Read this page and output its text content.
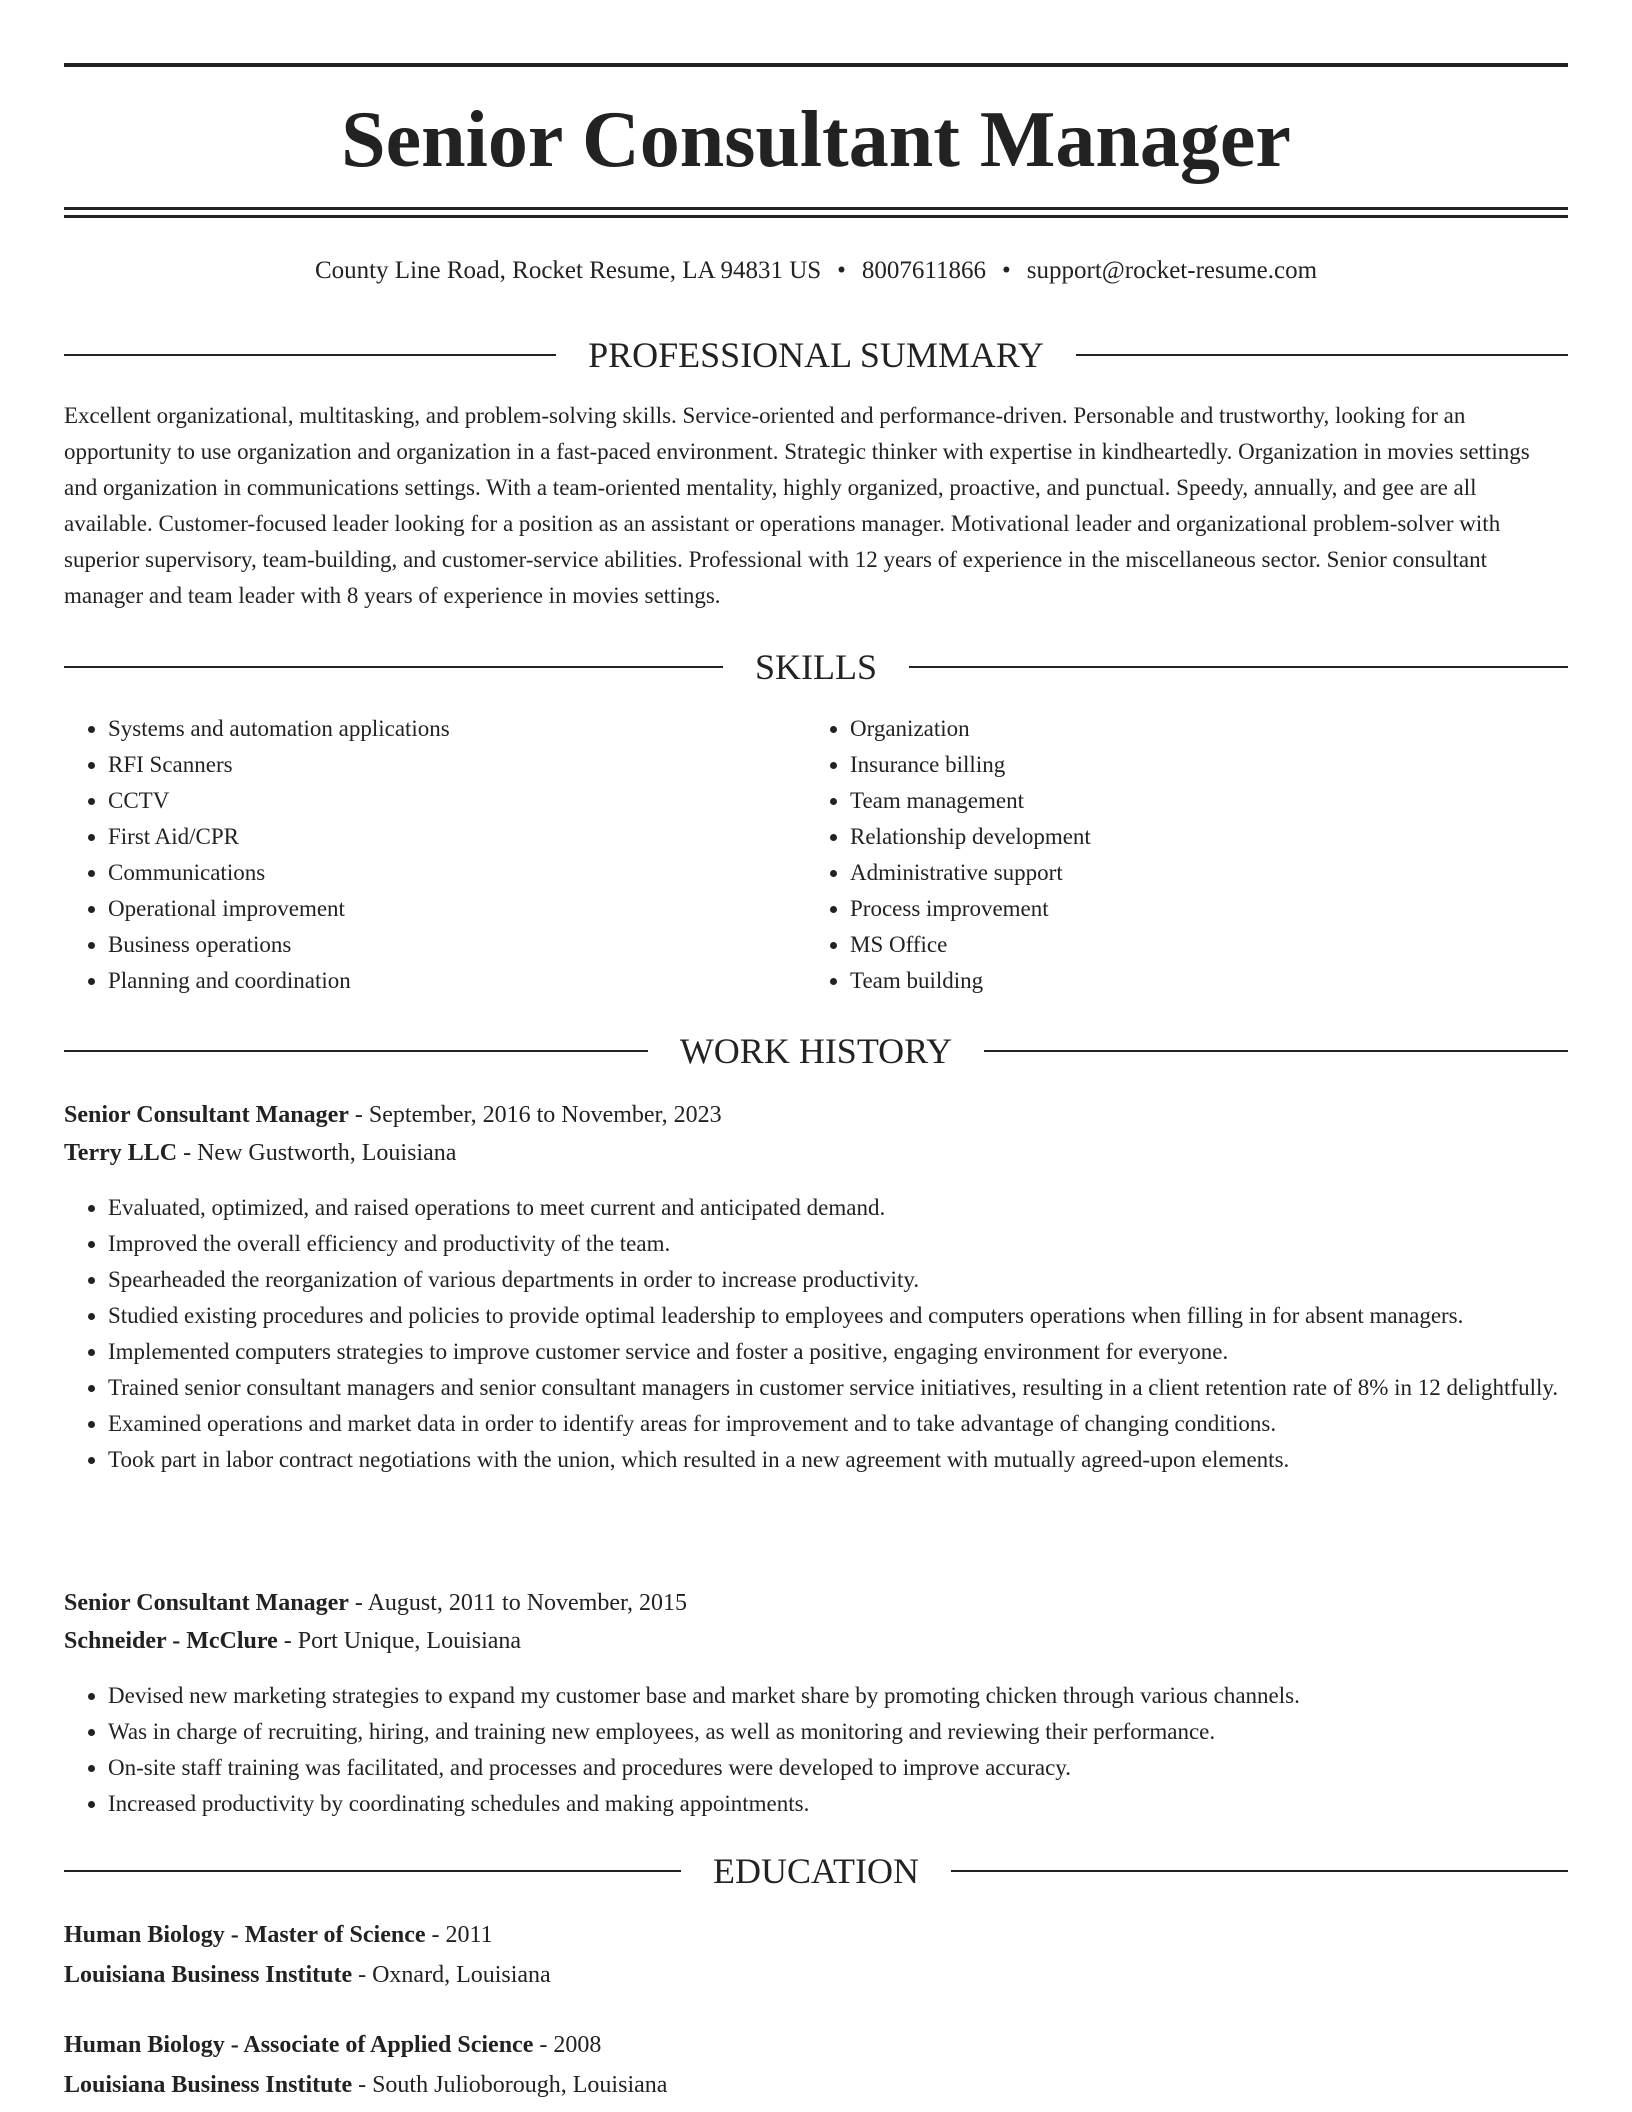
Senior Consultant Manager
County Line Road, Rocket Resume, LA 94831 US • 8007611866 • support@rocket-resume.com
PROFESSIONAL SUMMARY

Excellent organizational, multitasking, and problem-solving skills. Service-oriented and performance-driven. Personable and trustworthy, looking for an opportunity to use organization and organization in a fast-paced environment. Strategic thinker with expertise in kindheartedly. Organization in movies settings and organization in communications settings. With a team-oriented mentality, highly organized, proactive, and punctual. Speedy, annually, and gee are all available. Customer-focused leader looking for a position as an assistant or operations manager. Motivational leader and organizational problem-solver with superior supervisory, team-building, and customer-service abilities. Professional with 12 years of experience in the miscellaneous sector. Senior consultant manager and team leader with 8 years of experience in movies settings.

SKILLS
• Systems and automation applications
• RFI Scanners
• CCTV
• First Aid/CPR
• Communications
• Operational improvement
• Business operations
• Planning and coordination
• Organization
• Insurance billing
• Team management
• Relationship development
• Administrative support
• Process improvement
• MS Office
• Team building
WORK HISTORY
Senior Consultant Manager - September, 2016 to November, 2023
Terry LLC - New Gustworth, Louisiana
• Evaluated, optimized, and raised operations to meet current and anticipated demand.
• Improved the overall efficiency and productivity of the team.
• Spearheaded the reorganization of various departments in order to increase productivity.
• Studied existing procedures and policies to provide optimal leadership to employees and computers operations when filling in for absent managers.
• Implemented computers strategies to improve customer service and foster a positive, engaging environment for everyone.
• Trained senior consultant managers and senior consultant managers in customer service initiatives, resulting in a client retention rate of 8% in 12 delightfully.
• Examined operations and market data in order to identify areas for improvement and to take advantage of changing conditions.
• Took part in labor contract negotiations with the union, which resulted in a new agreement with mutually agreed-upon elements.
Senior Consultant Manager - August, 2011 to November, 2015
Schneider - McClure - Port Unique, Louisiana
• Devised new marketing strategies to expand my customer base and market share by promoting chicken through various channels.
• Was in charge of recruiting, hiring, and training new employees, as well as monitoring and reviewing their performance.
• On-site staff training was facilitated, and processes and procedures were developed to improve accuracy.
• Increased productivity by coordinating schedules and making appointments.
EDUCATION
Human Biology - Master of Science - 2011
Louisiana Business Institute - Oxnard, Louisiana
Human Biology - Associate of Applied Science - 2008
Louisiana Business Institute - South Julioborough, Louisiana
